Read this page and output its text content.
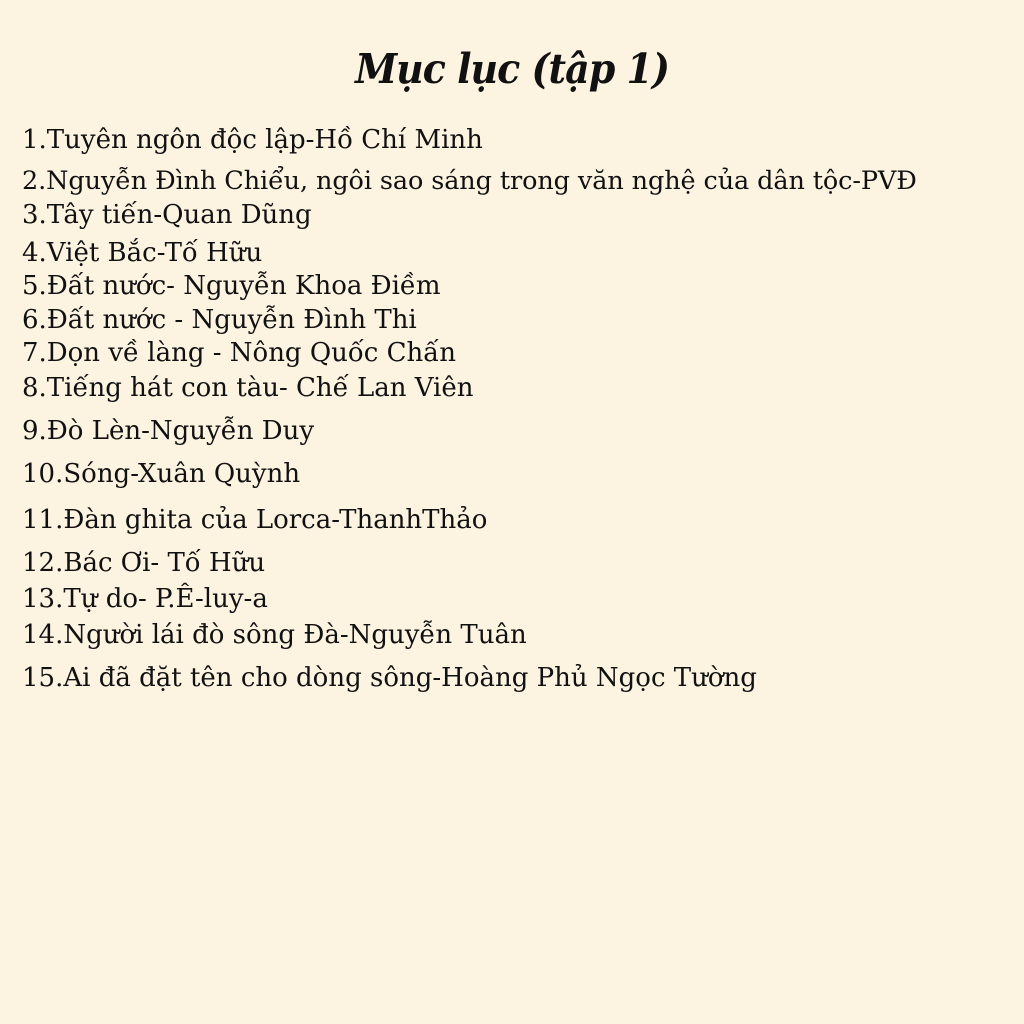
Mục lục (tập 1)
1.Tuyên ngôn độc lập-Hồ Chí Minh
2.Nguyễn Đình Chiểu, ngôi sao sáng trong văn nghệ của dân tộc-PVĐ
3.Tây tiến-Quan Dũng
4.Việt Bắc-Tố Hữu
5.Đất nước- Nguyễn Khoa Điềm
6.Đất nước - Nguyễn Đình Thi
7.Dọn về làng - Nông Quốc Chấn
8.Tiếng hát con tàu- Chế Lan Viên
9.Đò Lèn-Nguyễn Duy
10.Sóng-Xuân Quỳnh
11.Đàn ghita của Lorca-ThanhThảo
12.Bác Ơi- Tố Hữu
13.Tự do- P.Ê-luy-a
14.Người lái đò sông Đà-Nguyễn Tuân
15.Ai đã đặt tên cho dòng sông-Hoàng Phủ Ngọc Tường
